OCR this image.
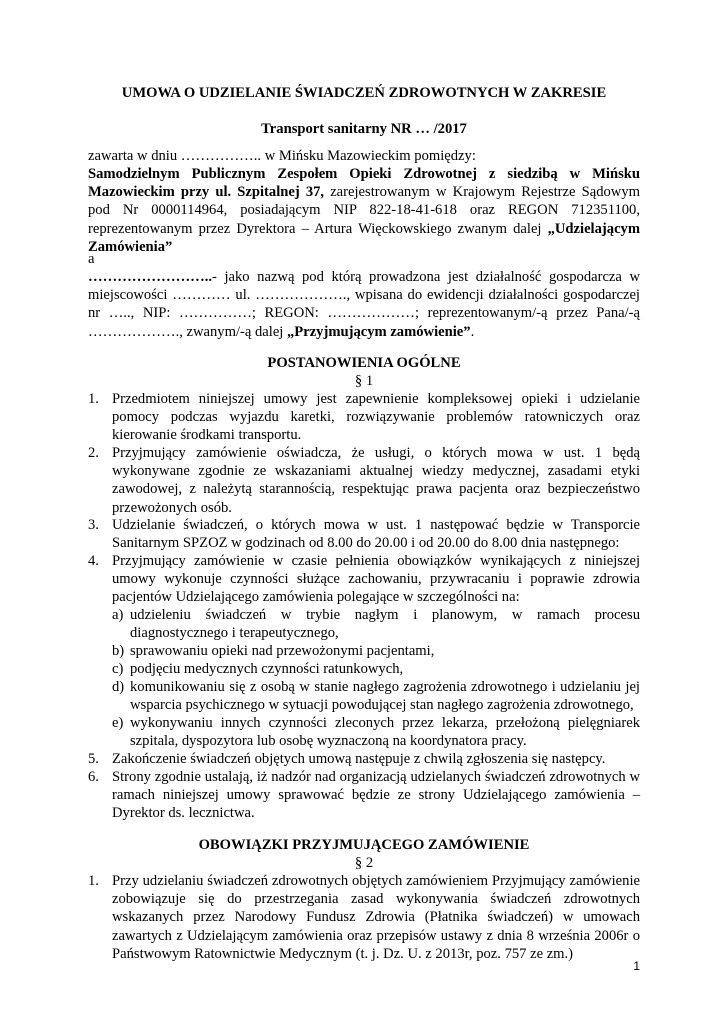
UMOWA O UDZIELANIE ŚWIADCZEŃ ZDROWOTNYCH W ZAKRESIE
Transport sanitarny NR … /2017
zawarta w dniu …………….. w Mińsku Mazowieckim pomiędzy:
Samodzielnym Publicznym Zespołem Opieki Zdrowotnej z siedzibą w Mińsku Mazowieckim przy ul. Szpitalnej 37, zarejestrowanym w Krajowym Rejestrze Sądowym pod Nr 0000114964, posiadającym NIP 822-18-41-618 oraz REGON 712351100, reprezentowanym przez Dyrektora – Artura Więckowskiego zwanym dalej „Udzielającym Zamówienia”
a
……………………..- jako nazwą pod którą prowadzona jest działalność gospodarcza w miejscowości ………… ul. ………………., wpisana do ewidencji działalności gospodarczej nr ….., NIP: ……………; REGON: ………………; reprezentowanym/-ą przez Pana/-ą ………………., zwanym/-ą dalej „Przyjmującym zamówienie”.
POSTANOWIENIA OGÓLNE
§ 1
1. Przedmiotem niniejszej umowy jest zapewnienie kompleksowej opieki i udzielanie pomocy podczas wyjazdu karetki, rozwiązywanie problemów ratowniczych oraz kierowanie środkami transportu.
2. Przyjmujący zamówienie oświadcza, że usługi, o których mowa w ust. 1 będą wykonywane zgodnie ze wskazaniami aktualnej wiedzy medycznej, zasadami etyki zawodowej, z należytą starannością, respektując prawa pacjenta oraz bezpieczeństwo przewożonych osób.
3. Udzielanie świadczeń, o których mowa w ust. 1 następować będzie w Transporcie Sanitarnym SPZOZ w godzinach od 8.00 do 20.00 i od 20.00 do 8.00 dnia następnego:
4. Przyjmujący zamówienie w czasie pełnienia obowiązków wynikających z niniejszej umowy wykonuje czynności służące zachowaniu, przywracaniu i poprawie zdrowia pacjentów Udzielającego zamówienia polegające w szczególności na:
a) udzieleniu świadczeń w trybie nagłym i planowym, w ramach procesu diagnostycznego i terapeutycznego,
b) sprawowaniu opieki nad przewożonymi pacjentami,
c) podjęciu medycznych czynności ratunkowych,
d) komunikowaniu się z osobą w stanie nagłego zagrożenia zdrowotnego i udzielaniu jej wsparcia psychicznego w sytuacji powodującej stan nagłego zagrożenia zdrowotnego,
e) wykonywaniu innych czynności zleconych przez lekarza, przełożoną pielęgniarek szpitala, dyspozytora lub osobę wyznaczoną na koordynatora pracy.
5. Zakończenie świadczeń objętych umową następuje z chwilą zgłoszenia się następcy.
6. Strony zgodnie ustalają, iż nadzór nad organizacją udzielanych świadczeń zdrowotnych w ramach niniejszej umowy sprawować będzie ze strony Udzielającego zamówienia – Dyrektor ds. lecznictwa.
OBOWIĄZKI PRZYJMUJĄCEGO ZAMÓWIENIE
§ 2
1. Przy udzielaniu świadczeń zdrowotnych objętych zamówieniem Przyjmujący zamówienie zobowiązuje się do przestrzegania zasad wykonywania świadczeń zdrowotnych wskazanych przez Narodowy Fundusz Zdrowia (Płatnika świadczeń) w umowach zawartych z Udzielającym zamówienia oraz przepisów ustawy z dnia 8 września 2006r o Państwowym Ratownictwie Medycznym (t. j. Dz. U. z 2013r, poz. 757 ze zm.)
1
